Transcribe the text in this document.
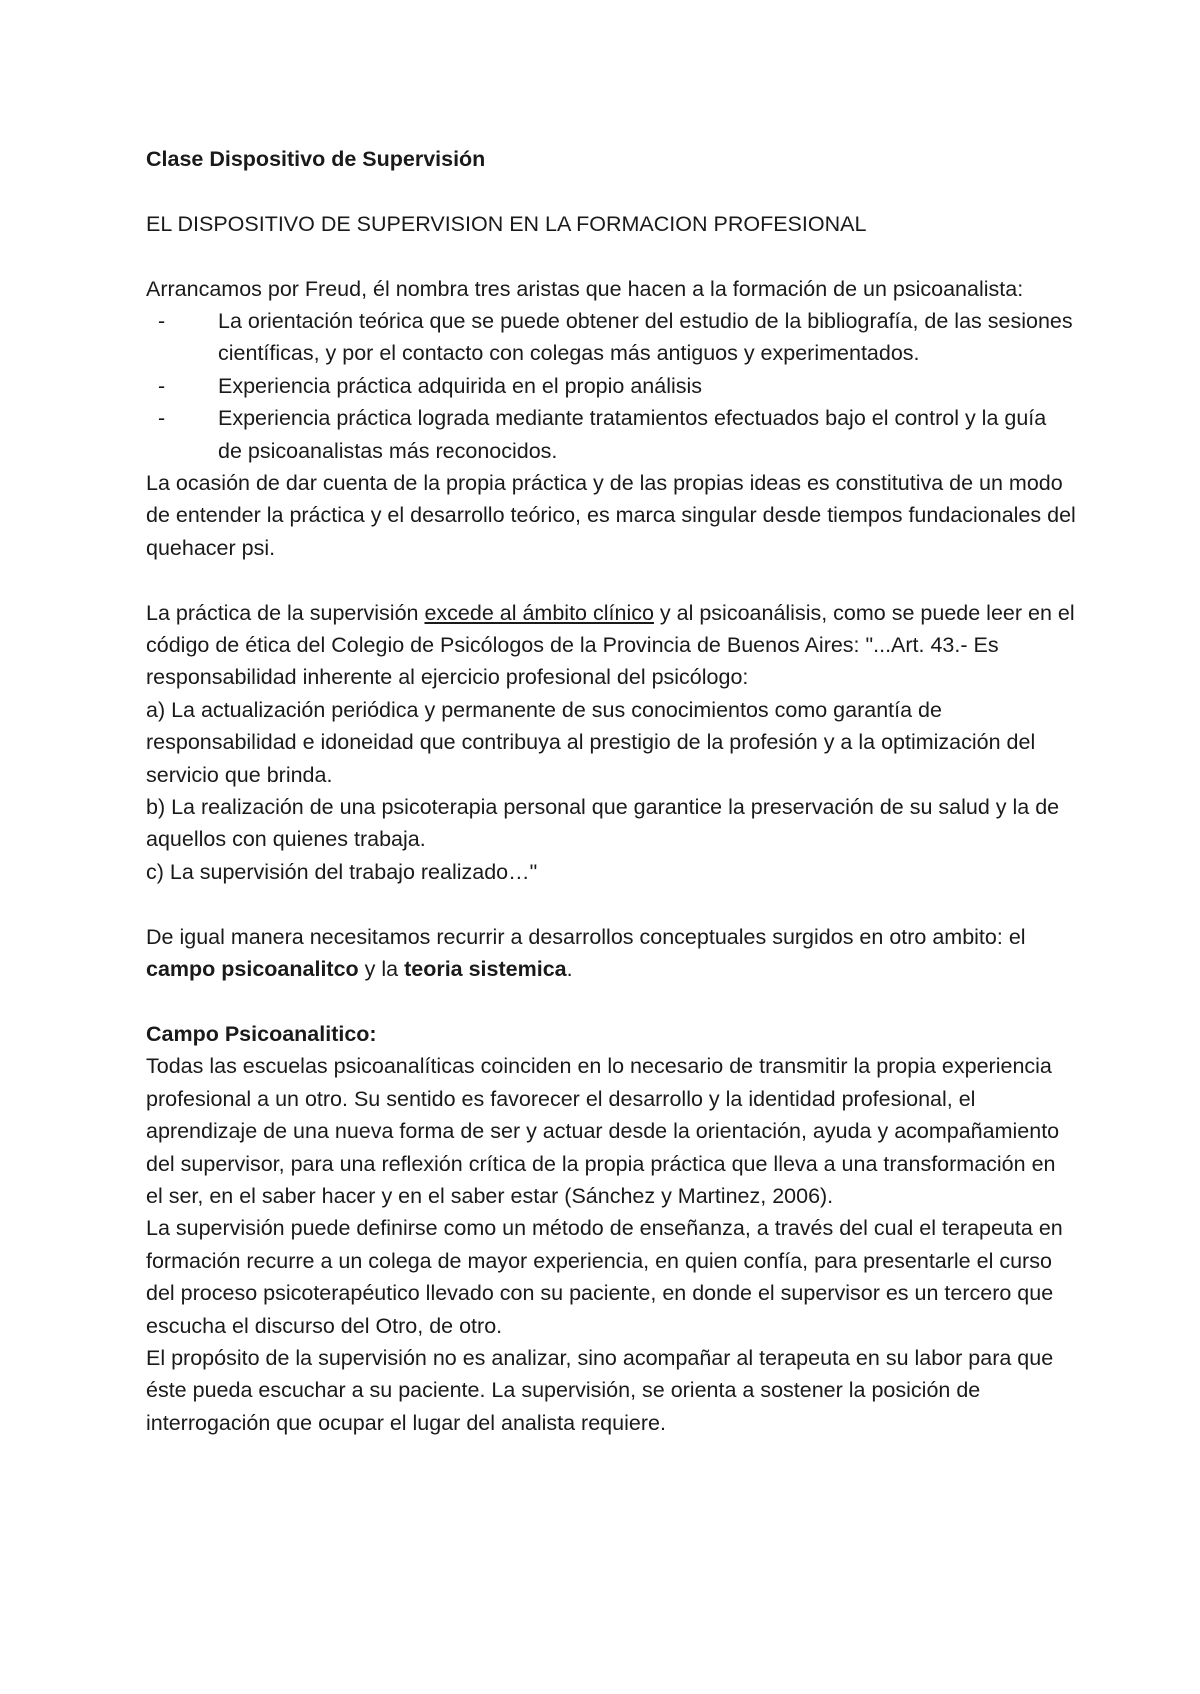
Clase Dispositivo de Supervisión

EL DISPOSITIVO DE SUPERVISION EN LA FORMACION PROFESIONAL

Arrancamos por Freud, él nombra tres aristas que hacen a la formación de un psicoanalista:

- La orientación teórica que se puede obtener del estudio de la bibliografía, de las sesiones científicas, y por el contacto con colegas más antiguos y experimentados.
- Experiencia práctica adquirida en el propio análisis
- Experiencia práctica lograda mediante tratamientos efectuados bajo el control y la guía de psicoanalistas más reconocidos.

La ocasión de dar cuenta de la propia práctica y de las propias ideas es constitutiva de un modo de entender la práctica y el desarrollo teórico, es marca singular desde tiempos fundacionales del quehacer psi.

La práctica de la supervisión excede al ámbito clínico y al psicoanálisis, como se puede leer en el código de ética del Colegio de Psicólogos de la Provincia de Buenos Aires: "...Art. 43.- Es responsabilidad inherente al ejercicio profesional del psicólogo:

a) La actualización periódica y permanente de sus conocimientos como garantía de responsabilidad e idoneidad que contribuya al prestigio de la profesión y a la optimización del servicio que brinda.

b) La realización de una psicoterapia personal que garantice la preservación de su salud y la de aquellos con quienes trabaja.

c) La supervisión del trabajo realizado…"

De igual manera necesitamos recurrir a desarrollos conceptuales surgidos en otro ambito: el campo psicoanalitco y la teoria sistemica.

Campo Psicoanalitico:

Todas las escuelas psicoanalíticas coinciden en lo necesario de transmitir la propia experiencia profesional a un otro. Su sentido es favorecer el desarrollo y la identidad profesional, el aprendizaje de una nueva forma de ser y actuar desde la orientación, ayuda y acompañamiento del supervisor, para una reflexión crítica de la propia práctica que lleva a una transformación en el ser, en el saber hacer y en el saber estar (Sánchez y Martinez, 2006).

La supervisión puede definirse como un método de enseñanza, a través del cual el terapeuta en formación recurre a un colega de mayor experiencia, en quien confía, para presentarle el curso del proceso psicoterapéutico llevado con su paciente, en donde el supervisor es un tercero que escucha el discurso del Otro, de otro.

El propósito de la supervisión no es analizar, sino acompañar al terapeuta en su labor para que éste pueda escuchar a su paciente. La supervisión, se orienta a sostener la posición de interrogación que ocupar el lugar del analista requiere.
